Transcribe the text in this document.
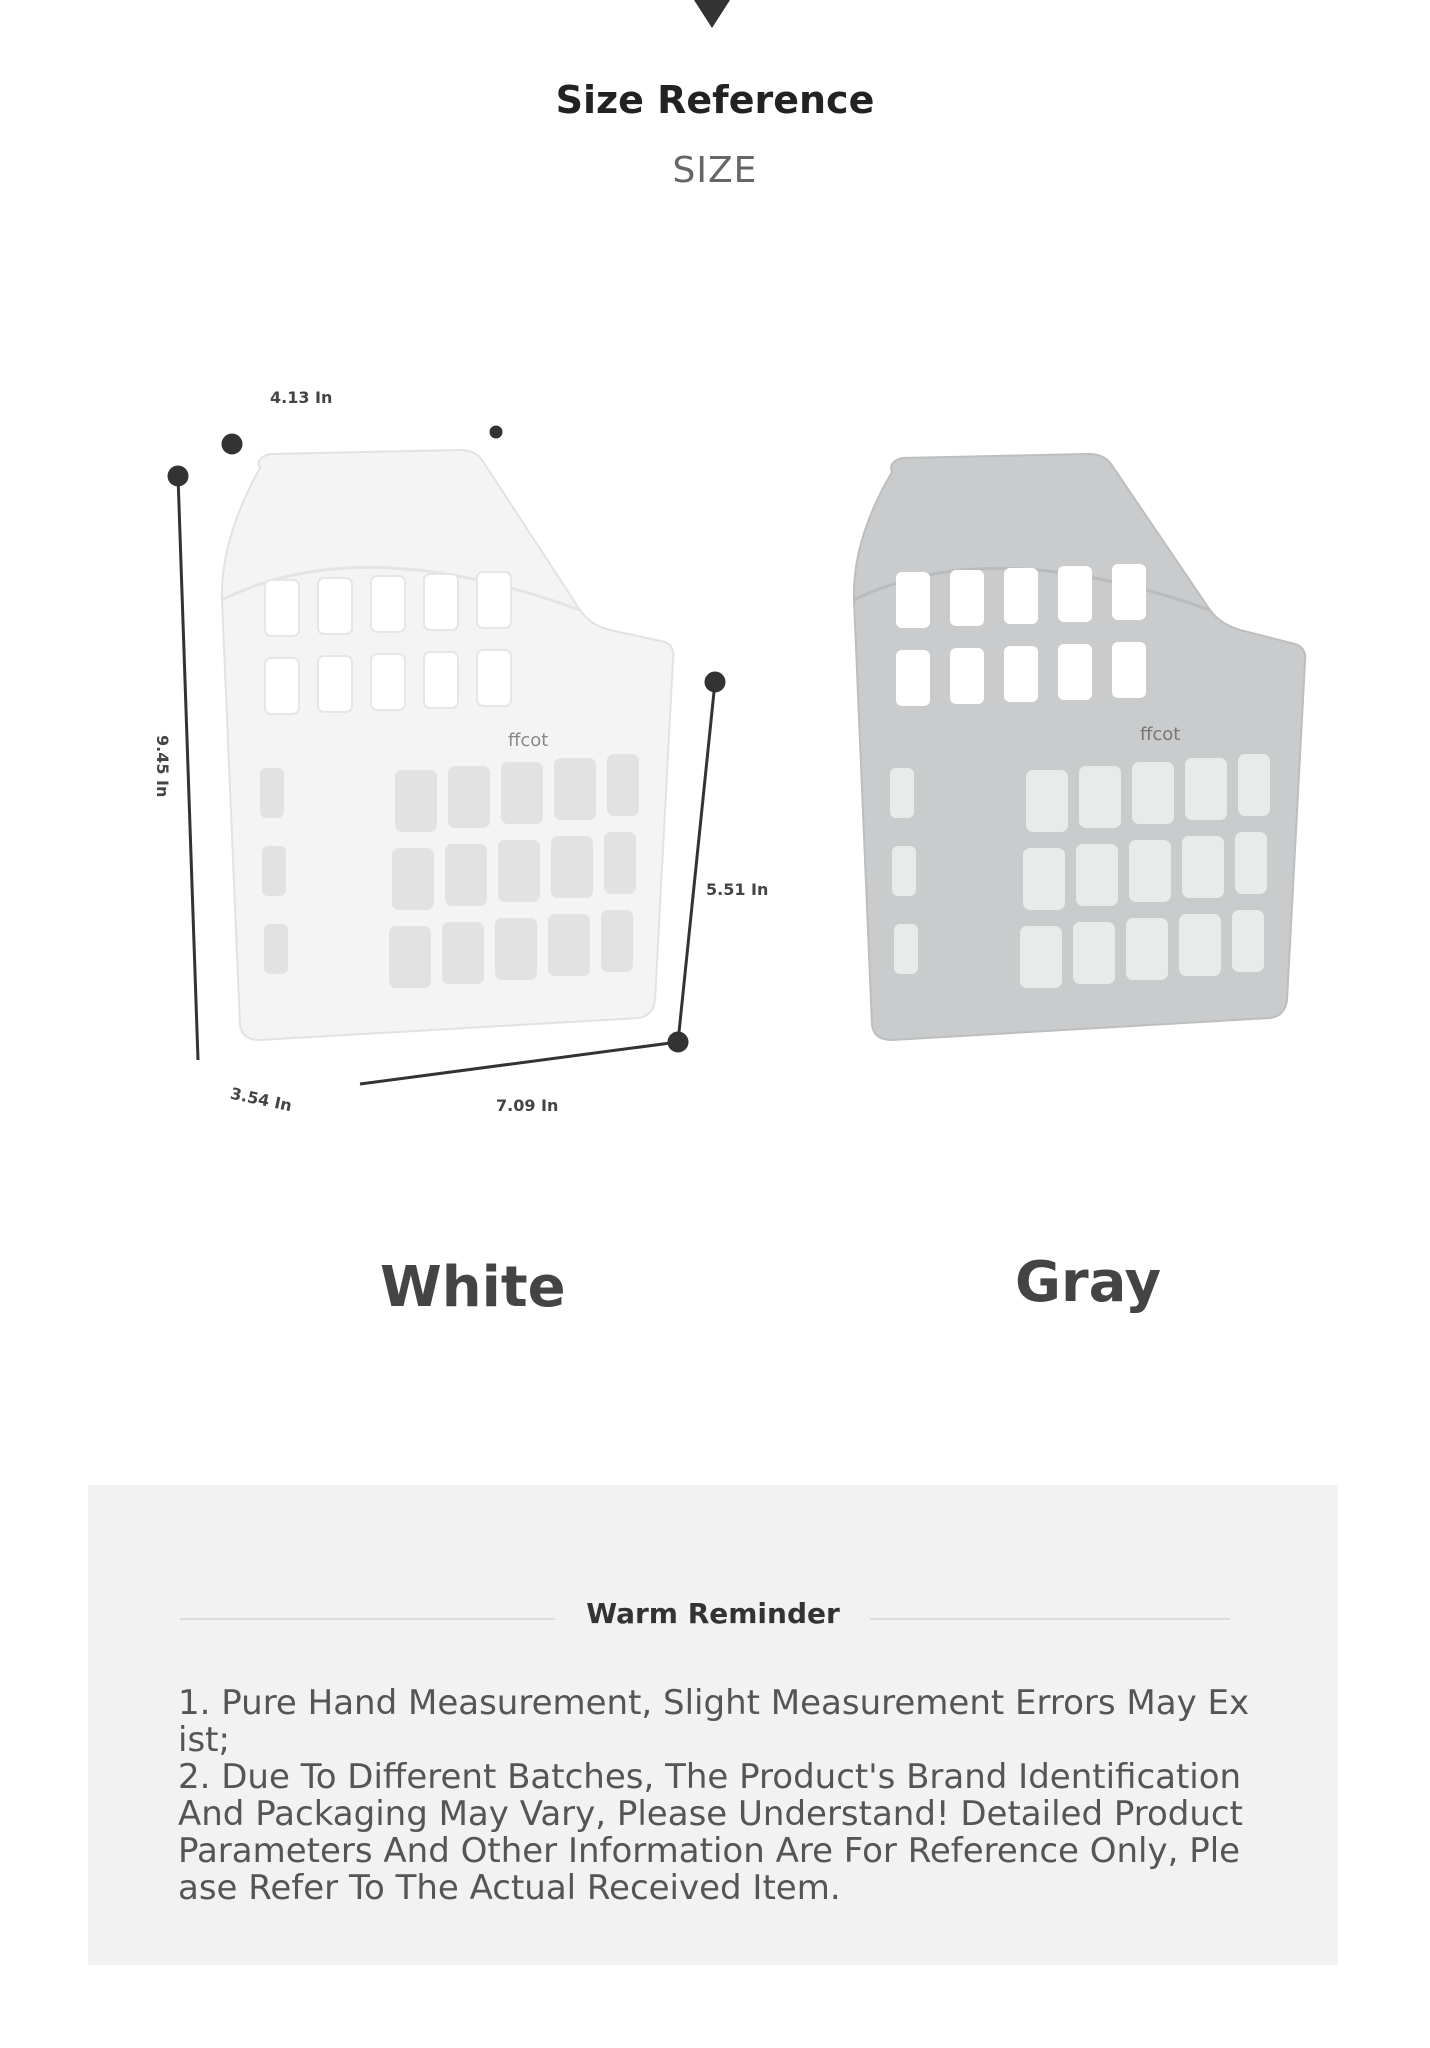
Size Reference
SIZE
ffcot
4.13 In
9.45 In
5.51 In
3.54 In	7.09 In
ffcot
White	Gray
Warm Reminder
1. Pure Hand Measurement, Slight Measurement Errors May Exist;
2. Due To Different Batches, The Product's Brand Identification And Packaging May Vary, Please Understand! Detailed Product Parameters And Other Information Are For Reference Only, Please Refer To The Actual Received Item.
